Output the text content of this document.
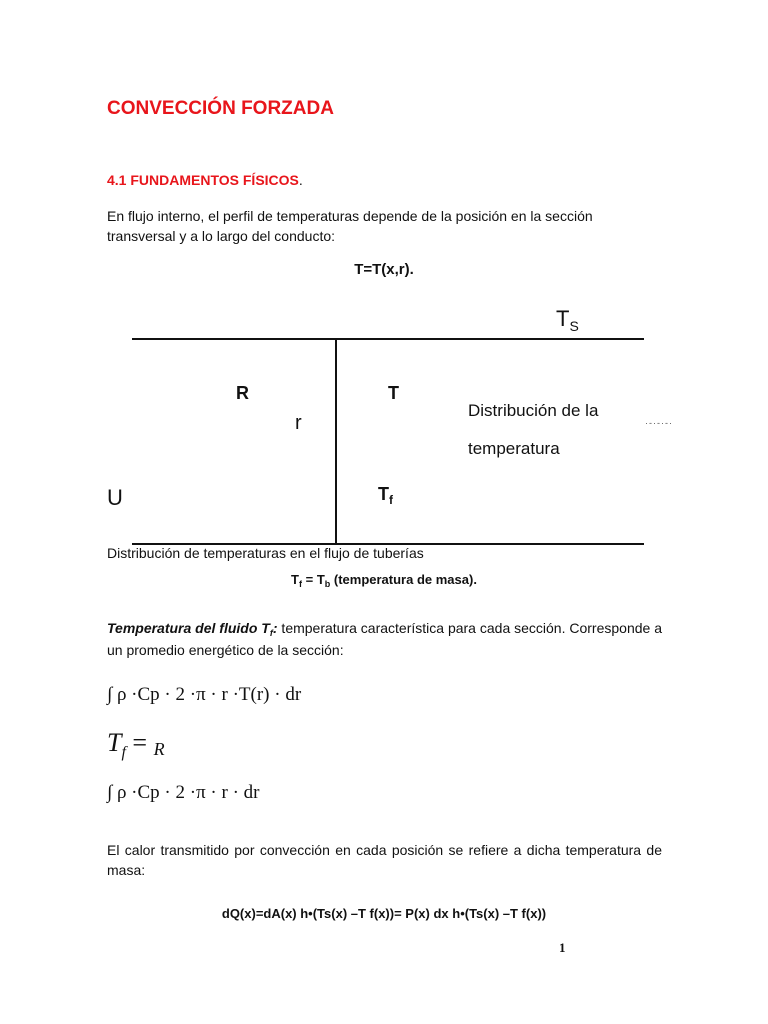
CONVECCIÓN FORZADA
4.1 FUNDAMENTOS FÍSICOS.
En flujo interno, el perfil de temperaturas depende de la posición en la sección transversal y a lo largo del conducto:
T=T(x,r).
$T_S$
R
r
T
U	$T_f$
Distribución de la
temperatura
·-·-·-·
Distribución de temperaturas en el flujo de tuberías
$T_f = T_b$ (temperatura de masa).
Temperatura del fluido $T_f$: temperatura característica para cada sección. Corresponde a un promedio energético de la sección:
∫ ρ ·Cp · 2 ·π · r ·T(r) · dr
$T_f = R$
∫ ρ ·Cp · 2 ·π · r · dr
El calor transmitido por convección en cada posición se refiere a dicha temperatura de masa:
dQ(x)=dA(x) h•(Ts(x) –T f(x))= P(x) dx h•(Ts(x) –T f(x))
1
